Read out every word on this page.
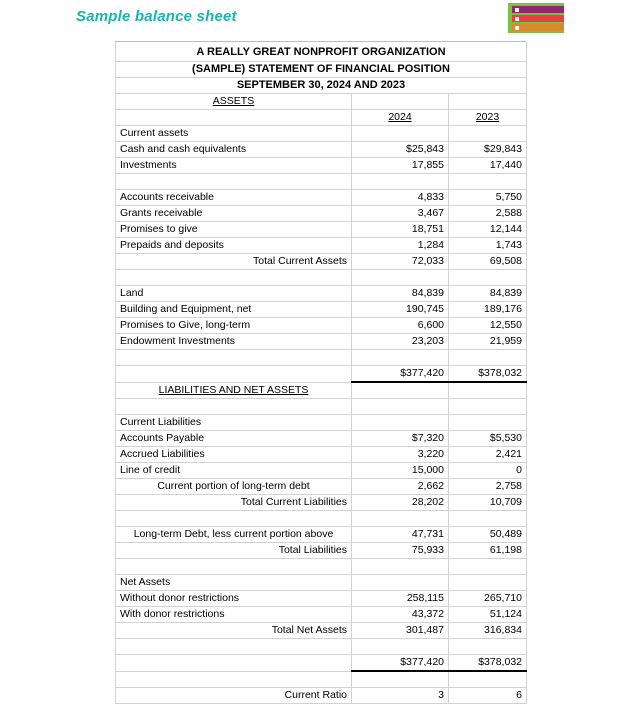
Sample balance sheet
A REALLY GREAT NONPROFIT ORGANIZATION		
(SAMPLE) STATEMENT OF FINANCIAL POSITION		
SEPTEMBER 30, 2024 AND 2023		
ASSETS		
	2024	2023
Current assets		
Cash and cash equivalents	$25,843	$29,843
Investments	17,855	17,440

Accounts receivable	4,833	5,750
Grants receivable	3,467	2,588
Promises to give	18,751	12,144
Prepaids and deposits	1,284	1,743
Total Current Assets	72,033	69,508

Land	84,839	84,839
Building and Equipment, net	190,745	189,176
Promises to Give, long-term	6,600	12,550
Endowment Investments	23,203	21,959

	$377,420	$378,032
LIABILITIES AND NET ASSETS		

Current Liabilities		
Accounts Payable	$7,320	$5,530
Accrued Liabilities	3,220	2,421
Line of credit	15,000	0
Current portion of long-term debt	2,662	2,758
Total Current Liabilities	28,202	10,709

Long-term Debt, less current portion above	47,731	50,489
Total Liabilities	75,933	61,198

Net Assets		
Without donor restrictions	258,115	265,710
With donor restrictions	43,372	51,124
Total Net Assets	301,487	316,834

	$377,420	$378,032

Current Ratio	3	6
